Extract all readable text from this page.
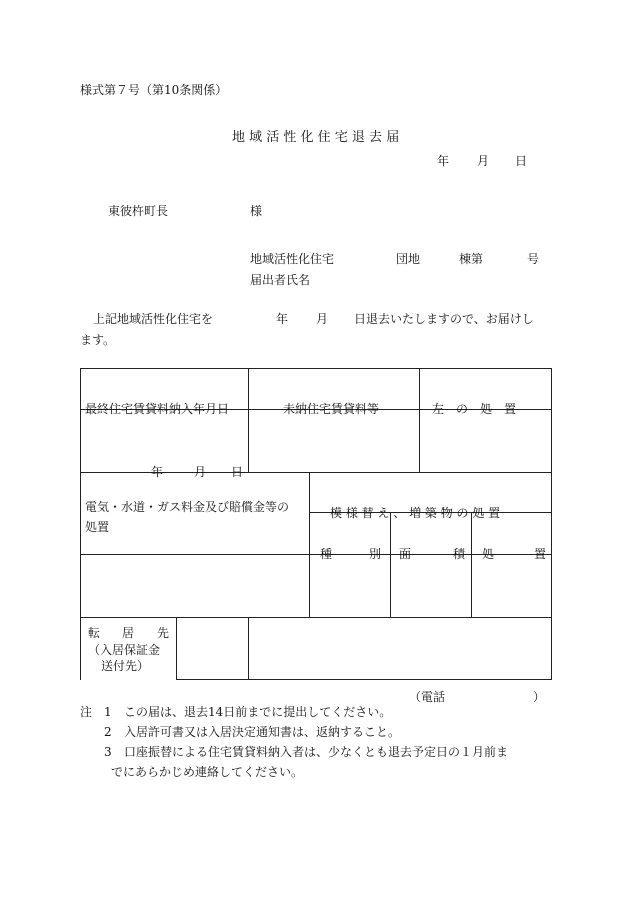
様式第７号（第10条関係）
地 域 活 性 化 住 宅 退 去 届
年 月 日
東彼杵町長	様
地域活性化住宅	団地	棟第	号
届出者氏名
上記地域活性化住宅を	年 月 日退去いたしますので、お届けし
ます。
最終住宅賃貸料納入年月日	未納住宅賃貸料等			左　の　処　置	

年 月 日					

電気・水道・ガス料金及び賠償金等の
処置		模 様 替 え 、 増 築 物 の 処 置			

		種 別	面 積		処 置

	（電話 ）				
転 居 先
（入居保証金
送付先）
注 1 この届は、退去14日前までに提出してください。
2 入居許可書又は入居決定通知書は、返納すること。
3 口座振替による住宅賃貸料納入者は、少なくとも退去予定日の１月前ま
でにあらかじめ連絡してください。
